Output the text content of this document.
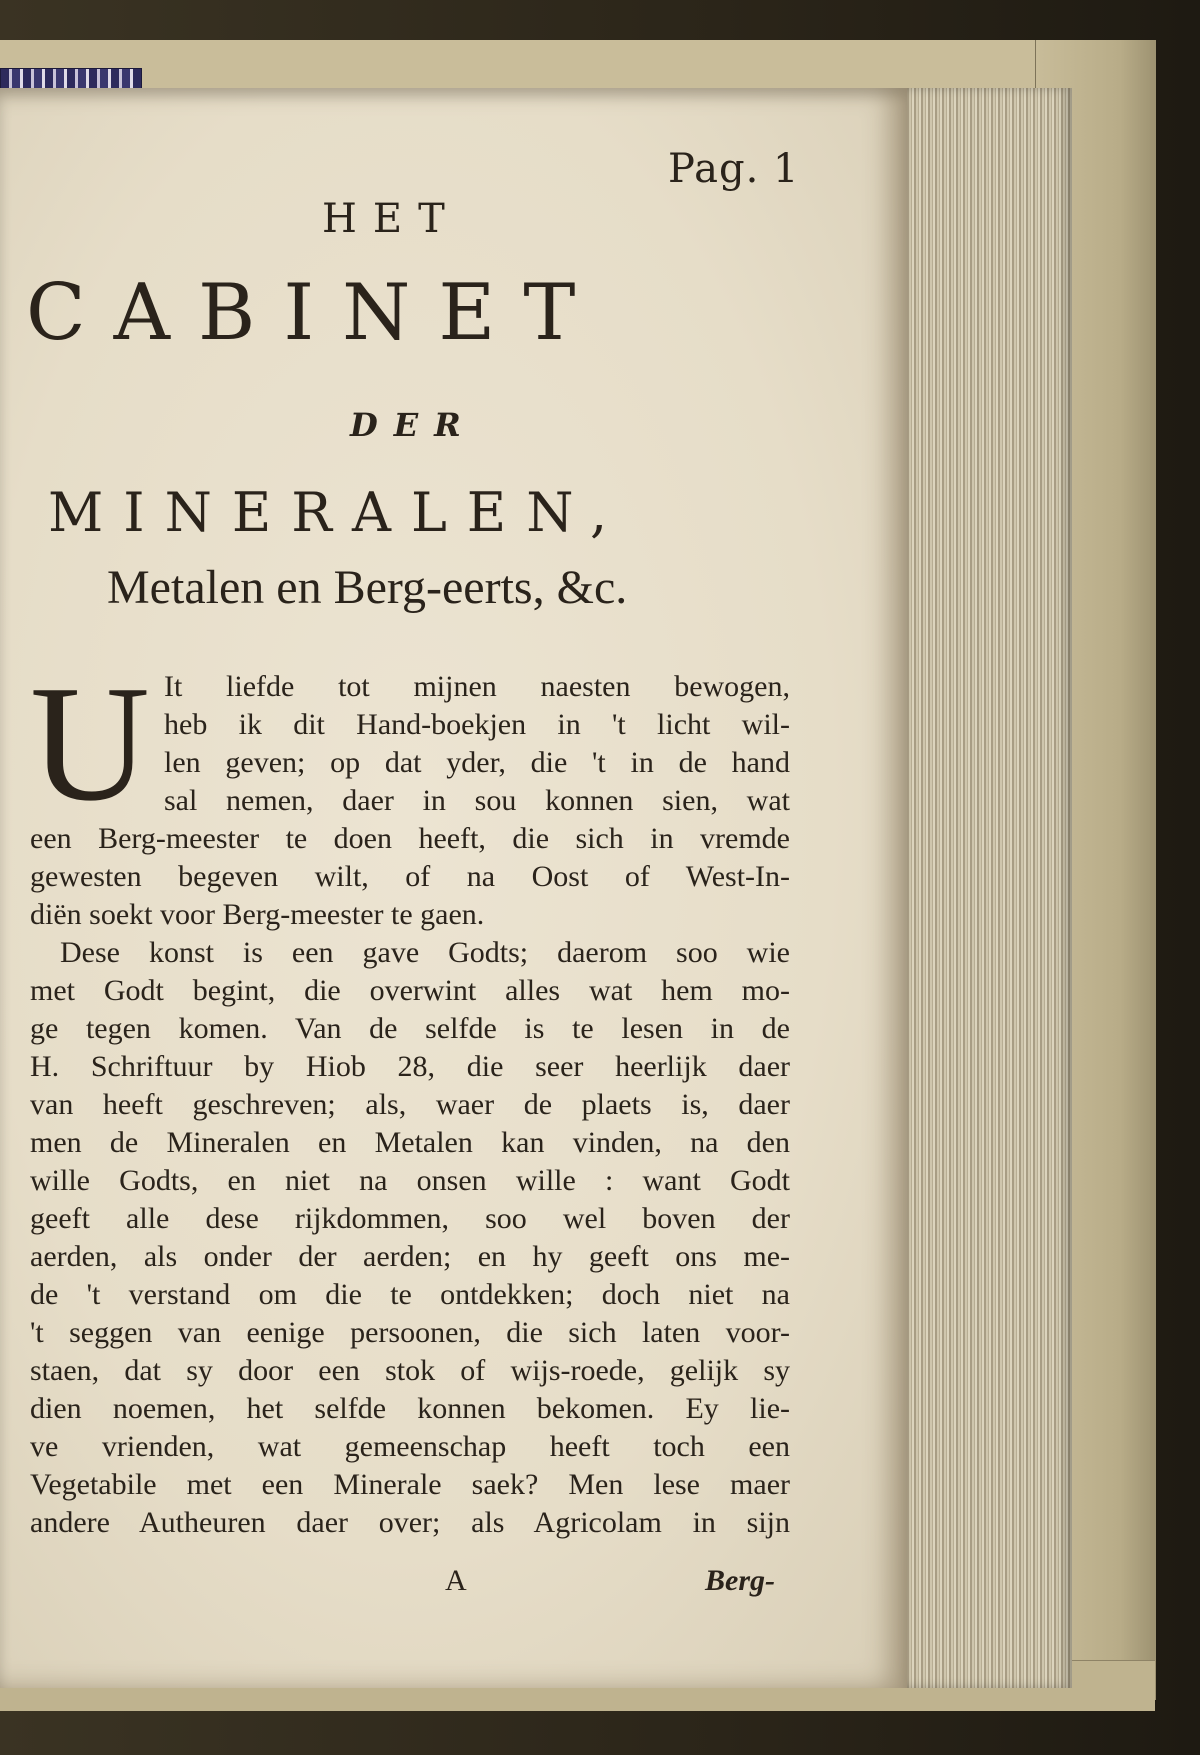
Pag. 1
HET
CABINET
DER
MINERALEN,
Metalen en Berg-eerts, &c.
U It liefde tot mijnen naesten bewogen,
heb ik dit Hand-boekjen in 't licht wil-
len geven; op dat yder, die 't in de hand
sal nemen, daer in sou konnen sien, wat
een Berg-meester te doen heeft, die sich in vremde
gewesten begeven wilt, of na Oost of West-In-
diën soekt voor Berg-meester te gaen.
Dese konst is een gave Godts; daerom soo wie
met Godt begint, die overwint alles wat hem mo-
ge tegen komen. Van de selfde is te lesen in de
H. Schriftuur by Hiob 28, die seer heerlijk daer
van heeft geschreven; als, waer de plaets is, daer
men de Mineralen en Metalen kan vinden, na den
wille Godts, en niet na onsen wille : want Godt
geeft alle dese rijkdommen, soo wel boven der
aerden, als onder der aerden; en hy geeft ons me-
de 't verstand om die te ontdekken; doch niet na
't seggen van eenige persoonen, die sich laten voor-
staen, dat sy door een stok of wijs-roede, gelijk sy
dien noemen, het selfde konnen bekomen. Ey lie-
ve vrienden, wat gemeenschap heeft toch een
Vegetabile met een Minerale saek? Men lese maer
andere Autheuren daer over; als Agricolam in sijn
A	Berg-
